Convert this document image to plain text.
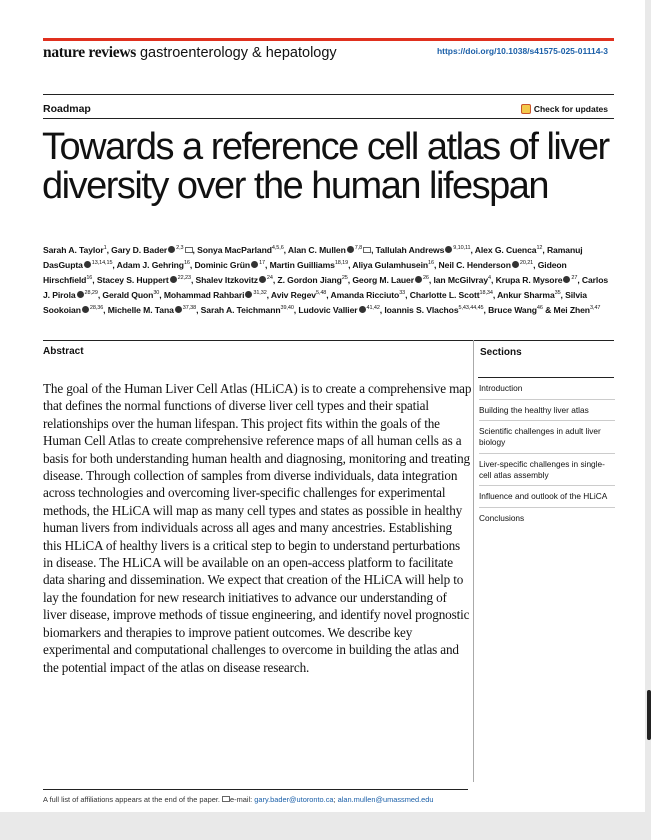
nature reviews gastroenterology & hepatology	https://doi.org/10.1038/s41575-025-01114-3
Roadmap	Check for updates
Towards a reference cell atlas of liver diversity over the human lifespan
Sarah A. Taylor$^1$, Gary D. Bader $^{2,3}$ , Sonya MacParland$^{4,5,6}$, Alan C. Mullen $^{7,8}$ , Tallulah Andrews $^{9,10,11}$, Alex G. Cuenca$^{12}$, Ramanuj DasGupta $^{13,14,15}$, Adam J. Gehring$^{16}$, Dominic Grün $^{17}$, Martin Guilliams$^{18,19}$, Aliya Gulamhusein$^{16}$, Neil C. Henderson $^{20,21}$, Gideon Hirschfield$^{16}$, Stacey S. Huppert $^{22,23}$, Shalev Itzkovitz $^{24}$, Z. Gordon Jiang$^{25}$, Georg M. Lauer $^{26}$, Ian McGilvray$^4$, Krupa R. Mysore $^{27}$, Carlos J. Pirola $^{28,29}$, Gerald Quon$^{30}$, Mohammad Rahbari $^{31,32}$, Aviv Regev$^{5,48}$, Amanda Ricciuto$^{33}$, Charlotte L. Scott$^{18,34}$, Ankur Sharma$^{35}$, Silvia Sookoian $^{28,36}$, Michelle M. Tana $^{37,38}$, Sarah A. Teichmann$^{39,40}$, Ludovic Vallier $^{41,42}$, Ioannis S. Vlachos$^{5,43,44,45}$, Bruce Wang$^{46}$ & Mei Zhen$^{3,47}$
Abstract	Sections

The goal of the Human Liver Cell Atlas (HLiCA) is to create a comprehensive map that defines the normal functions of diverse liver cell types and their spatial relationships over the human lifespan. This project fits within the goals of the Human Cell Atlas to create comprehensive reference maps of all human cells as a basis for both understanding human health and diagnosing, monitoring and treating disease. Through collection of samples from diverse individuals, data integration across technologies and overcoming liver-specific challenges for experimental methods, the HLiCA will map as many cell types and states as possible in healthy human livers from individuals across all ages and many ancestries. Establishing this HLiCA of healthy livers is a critical step to begin to understand perturbations in disease. The HLiCA will be available on an open-access platform to facilitate data sharing and dissemination. We expect that creation of the HLiCA will help to lay the foundation for new research initiatives to advance our understanding of liver disease, improve methods of tissue engineering, and identify novel prognostic biomarkers and therapies to improve patient outcomes. We describe key experimental and computational challenges to overcome in building the atlas and the potential impact of the atlas on disease research.

Introduction
Building the healthy liver atlas
Scientific challenges in adult liver biology
Liver-specific challenges in single-cell atlas assembly
Influence and outlook of the HLiCA
Conclusions
A full list of affiliations appears at the end of the paper. e-mail: gary.bader@utoronto.ca; alan.mullen@umassmed.edu
